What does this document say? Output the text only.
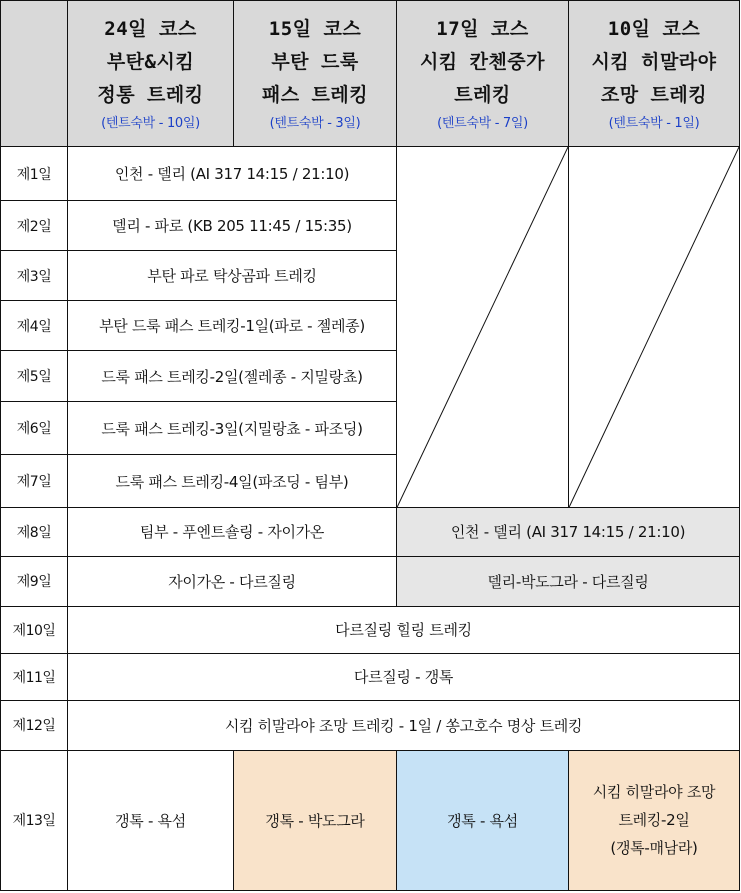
	24일 코스
부탄&시킴
정통 트레킹
(텐트숙박 - 10일)	15일 코스
부탄 드룩
패스 트레킹
(텐트숙박 - 3일)	17일 코스
시킴 칸첸중가
트레킹
(텐트숙박 - 7일)	10일 코스
시킴 히말라야
조망 트레킹
(텐트숙박 - 1일)

제1일	인천 - 델리 (AI 317 14:15 / 21:10)	

제2일	델리 - 파로 (KB 205 11:45 / 15:35)			
제3일	부탄 파로 탁상곰파 트레킹			
제4일	부탄 드룩 패스 트레킹-1일(파로 - 젤레종)			
제5일	드룩 패스 트레킹-2일(젤레종 - 지밀랑쵸)			
제6일	드룩 패스 트레킹-3일(지밀랑쵸 - 파조딩)			
제7일	드룩 패스 트레킹-4일(파조딩 - 팀부)			
제8일	팀부 - 푸엔트숄링 - 자이가온		인천 - 델리 (AI 317 14:15 / 21:10)	
제9일	자이가온 - 다르질링		델리-박도그라 - 다르질링	
제10일	다르질링 힐링 트레킹			
제11일	다르질링 - 갱톡			
제12일	시킴 히말라야 조망 트레킹 - 1일 / 쏭고호수 명상 트레킹			
제13일	갱톡 - 욕섬	갱톡 - 박도그라	갱톡 - 욕섬	시킴 히말라야 조망
트레킹-2일
(갱톡-매남라)
